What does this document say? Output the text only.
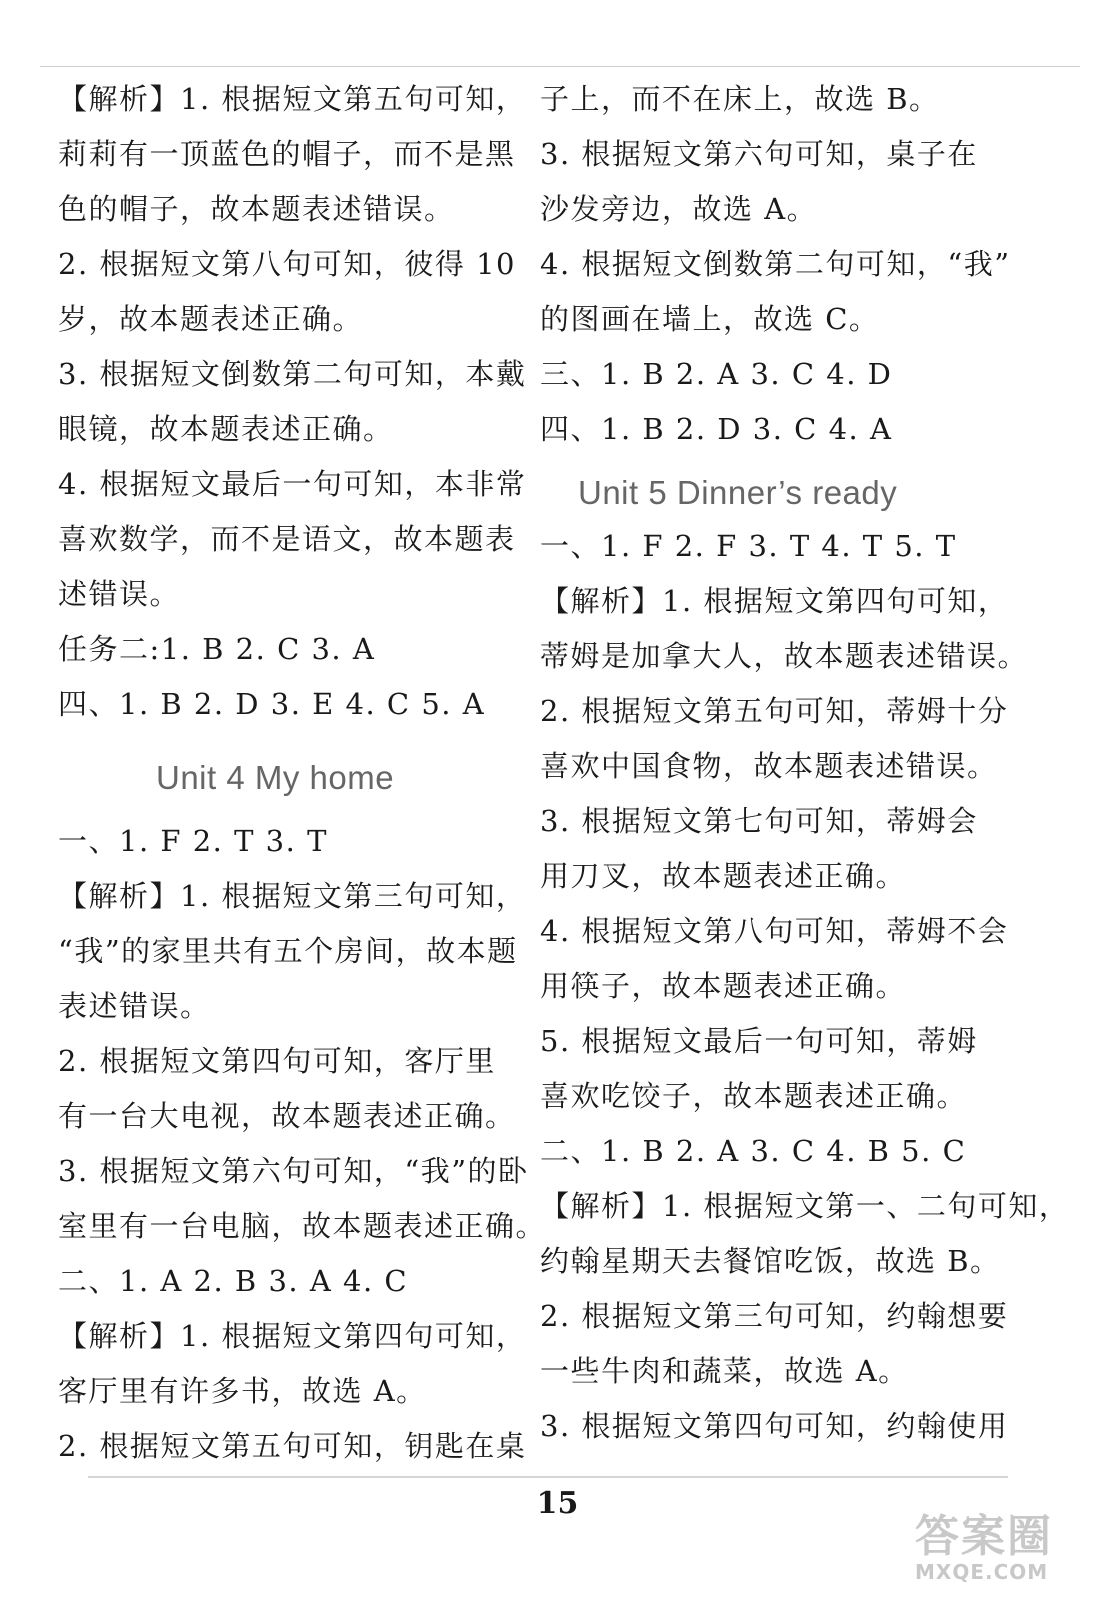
【解析】1. 根据短文第五句可知，
莉莉有一顶蓝色的帽子，而不是黑
色的帽子，故本题表述错误。
2. 根据短文第八句可知，彼得 10
岁，故本题表述正确。
3. 根据短文倒数第二句可知，本戴
眼镜，故本题表述正确。
4. 根据短文最后一句可知，本非常
喜欢数学，而不是语文，故本题表
述错误。
任务二:1. B 2. C 3. A
四、1. B 2. D 3. E 4. C 5. A
Unit 4 My home
一、1. F 2. T 3. T
【解析】1. 根据短文第三句可知，
“我”的家里共有五个房间，故本题
表述错误。
2. 根据短文第四句可知，客厅里
有一台大电视，故本题表述正确。
3. 根据短文第六句可知，“我”的卧
室里有一台电脑，故本题表述正确。
二、1. A 2. B 3. A 4. C
【解析】1. 根据短文第四句可知，
客厅里有许多书，故选 A。
2. 根据短文第五句可知，钥匙在桌
子上，而不在床上，故选 B。
3. 根据短文第六句可知，桌子在
沙发旁边，故选 A。
4. 根据短文倒数第二句可知，“我”
的图画在墙上，故选 C。
三、1. B 2. A 3. C 4. D
四、1. B 2. D 3. C 4. A
Unit 5 Dinner’s ready
一、1. F 2. F 3. T 4. T 5. T
【解析】1. 根据短文第四句可知，
蒂姆是加拿大人，故本题表述错误。
2. 根据短文第五句可知，蒂姆十分
喜欢中国食物，故本题表述错误。
3. 根据短文第七句可知，蒂姆会
用刀叉，故本题表述正确。
4. 根据短文第八句可知，蒂姆不会
用筷子，故本题表述正确。
5. 根据短文最后一句可知，蒂姆
喜欢吃饺子，故本题表述正确。
二、1. B 2. A 3. C 4. B 5. C
【解析】1. 根据短文第一、二句可知，
约翰星期天去餐馆吃饭，故选 B。
2. 根据短文第三句可知，约翰想要
一些牛肉和蔬菜，故选 A。
3. 根据短文第四句可知，约翰使用
15
答案圈
MXQE.COM
